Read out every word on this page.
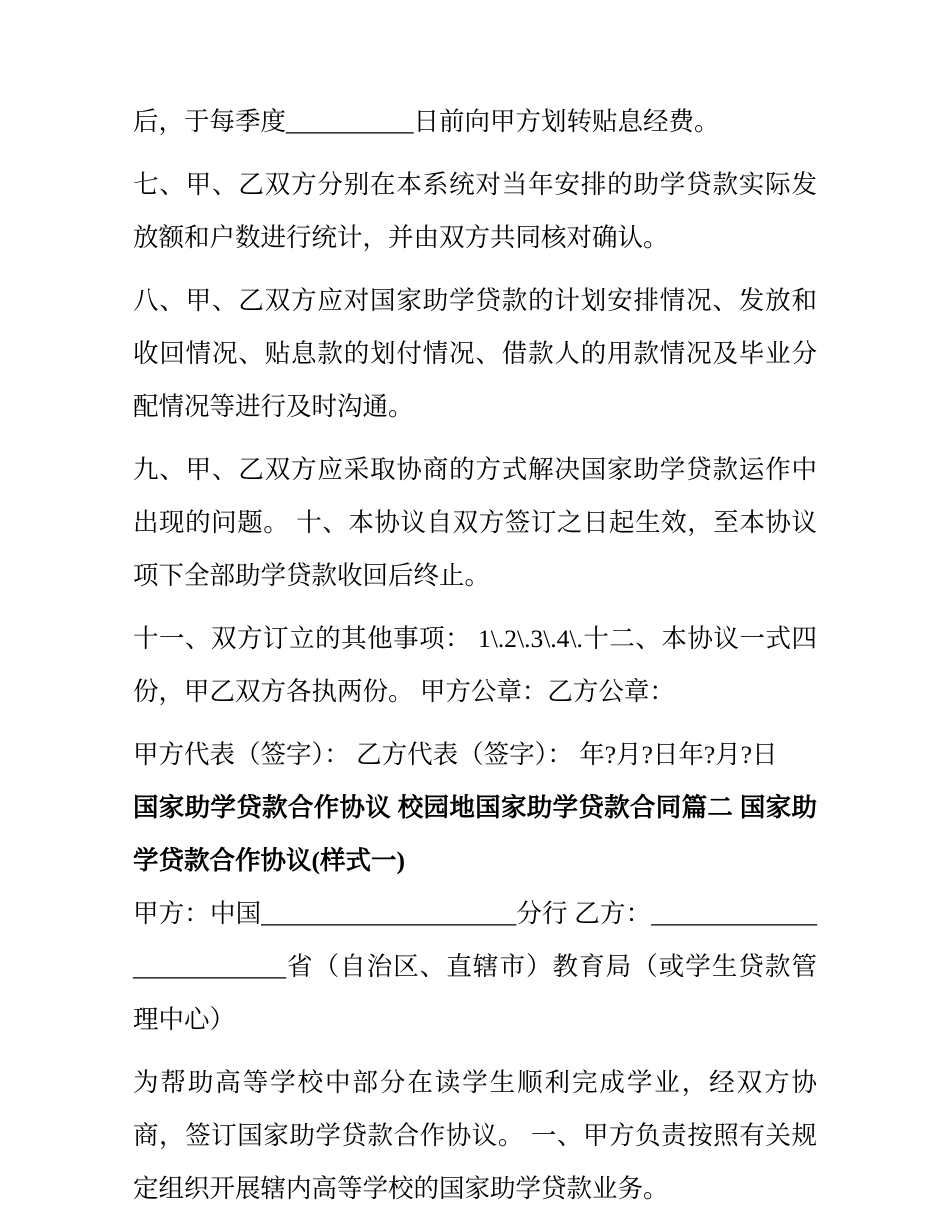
后，于每季度__________日前向甲方划转贴息经费。

七、甲、乙双方分别在本系统对当年安排的助学贷款实际发放额和户数进行统计，并由双方共同核对确认。

八、甲、乙双方应对国家助学贷款的计划安排情况、发放和收回情况、贴息款的划付情况、借款人的用款情况及毕业分配情况等进行及时沟通。

九、甲、乙双方应采取协商的方式解决国家助学贷款运作中出现的问题。 十、本协议自双方签订之日起生效，至本协议项下全部助学贷款收回后终止。

十一、双方订立的其他事项： 1\.2\.3\.4\.十二、本协议一式四份，甲乙双方各执两份。 甲方公章：乙方公章：

甲方代表（签字）： 乙方代表（签字）： 年?月?日年?月?日

国家助学贷款合作协议 校园地国家助学贷款合同篇二 国家助学贷款合作协议(样式一)

甲方：中国____________________分行 乙方：_________________________省（自治区、直辖市）教育局（或学生贷款管理中心）

为帮助高等学校中部分在读学生顺利完成学业，经双方协商，签订国家助学贷款合作协议。 一、甲方负责按照有关规定组织开展辖内高等学校的国家助学贷款业务。
